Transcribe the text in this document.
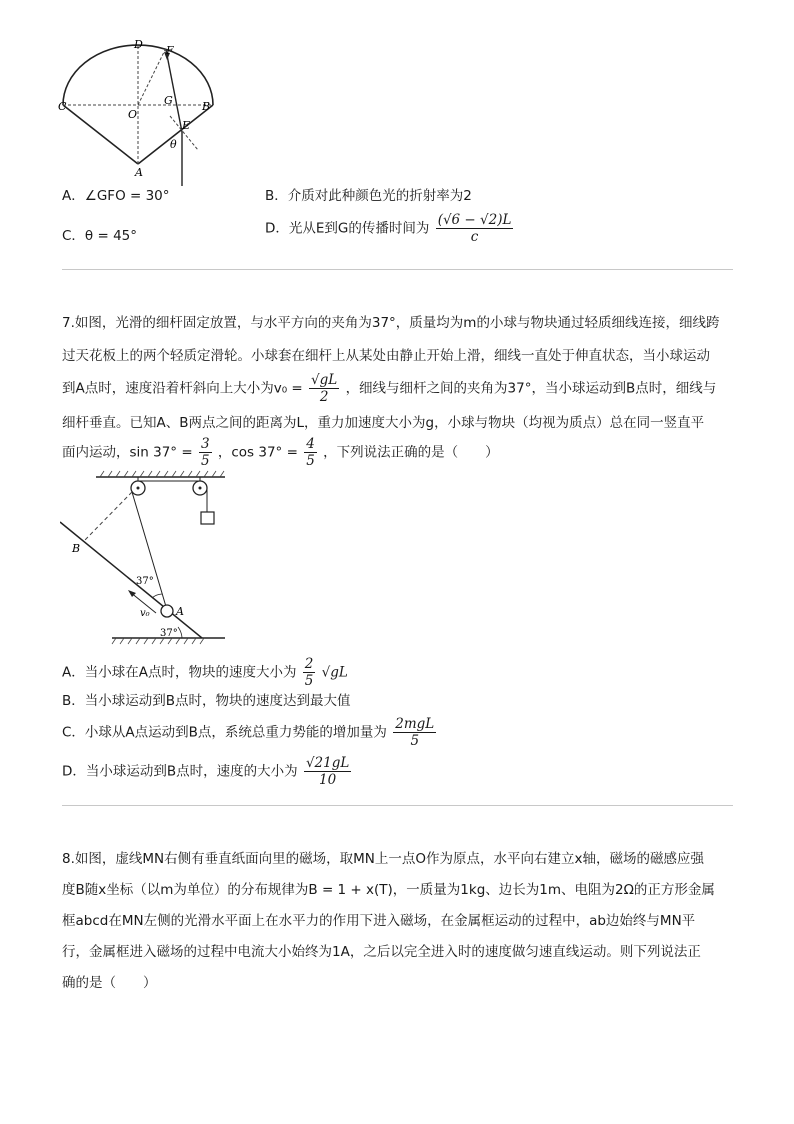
D F
C	G	B
O
E
θ
A
A．∠GFO = 30°	B．介质对此种颜色光的折射率为2
C．θ = 45°	D．光从E到G的传播时间为 $\frac{(√6 - √2)L}{c}$
7.如图，光滑的细杆固定放置，与水平方向的夹角为37°，质量均为m的小球与物块通过轻质细线连接，细线跨
过天花板上的两个轻质定滑轮。小球套在细杆上从某处由静止开始上滑，细线一直处于伸直状态，当小球运动
到A点时，速度沿着杆斜向上大小为$v_0 = \frac{√gL}{2}$ ，细线与细杆之间的夹角为37°，当小球运动到B点时，细线与
细杆垂直。已知A、B两点之间的距离为L，重力加速度大小为g，小球与物块（均视为质点）总在同一竖直平
面内运动，$\sin 37^\circ = \frac{3}{5}$ ，$\cos 37^\circ = \frac{4}{5}$ ，下列说法正确的是（　　）
B
37°
v₀ A
37°
A．当小球在A点时，物块的速度大小为 $\frac{2}{5} √gL$
B．当小球运动到B点时，物块的速度达到最大值
C．小球从A点运动到B点，系统总重力势能的增加量为 $\frac{\text{2mgL}}{5}$
D．当小球运动到B点时，速度的大小为 $\frac{√21gL}{10}$
8.如图，虚线MN右侧有垂直纸面向里的磁场，取MN上一点O作为原点，水平向右建立x轴，磁场的磁感应强
度B随x坐标（以m为单位）的分布规律为B = 1 + x(T)，一质量为1kg、边长为1m、电阻为2Ω的正方形金属
框abcd在MN左侧的光滑水平面上在水平力的作用下进入磁场，在金属框运动的过程中，ab边始终与MN平
行，金属框进入磁场的过程中电流大小始终为1A，之后以完全进入时的速度做匀速直线运动。则下列说法正
确的是（　　）
